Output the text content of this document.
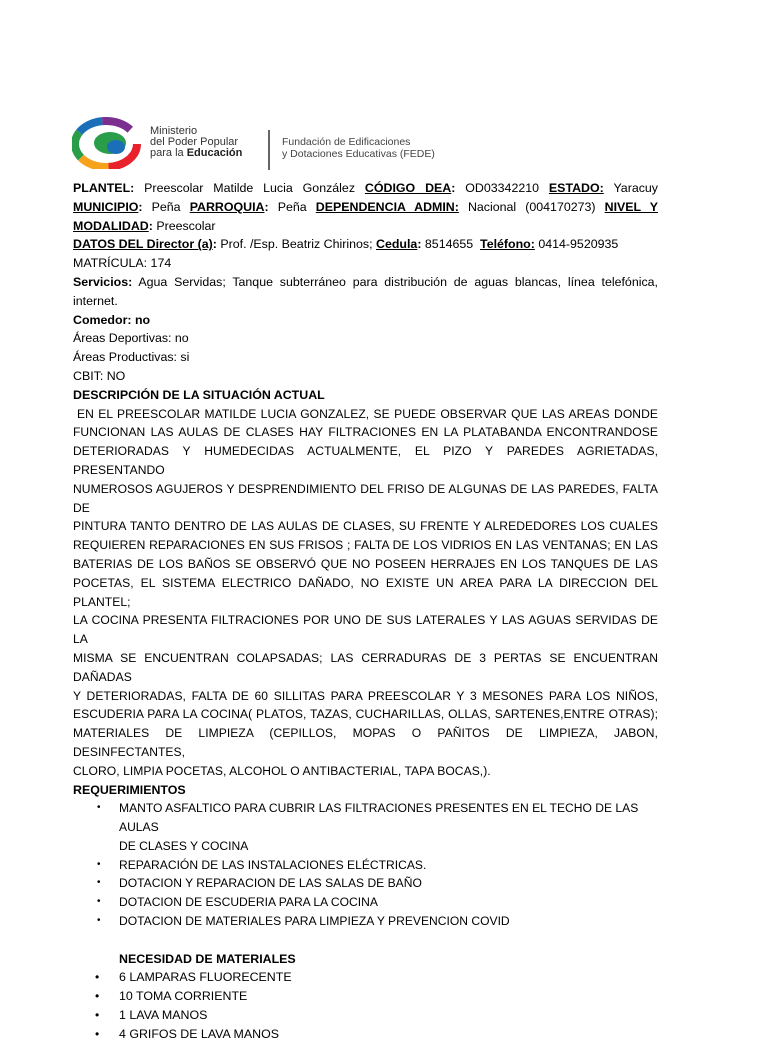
Ministerio
del Poder Popular
para la Educación
Fundación de Edificaciones
y Dotaciones Educativas (FEDE)

PLANTEL: Preescolar Matilde Lucia González CÓDIGO DEA: OD03342210 ESTADO: Yaracuy

MUNICIPIO: Peña PARROQUIA: Peña DEPENDENCIA ADMIN: Nacional (004170273) NIVEL Y

MODALIDAD: Preescolar

DATOS DEL Director (a): Prof. /Esp. Beatriz Chirinos; Cedula: 8514655 Teléfono: 0414-9520935

MATRÍCULA: 174

Servicios: Agua Servidas; Tanque subterráneo para distribución de aguas blancas, línea telefónica,

internet.

Comedor: no

Áreas Deportivas: no

Áreas Productivas: si

CBIT: NO

DESCRIPCIÓN DE LA SITUACIÓN ACTUAL

EN EL PREESCOLAR MATILDE LUCIA GONZALEZ, SE PUEDE OBSERVAR QUE LAS AREAS DONDE
FUNCIONAN LAS AULAS DE CLASES HAY FILTRACIONES EN LA PLATABANDA ENCONTRANDOSE
DETERIORADAS Y HUMEDECIDAS ACTUALMENTE, EL PIZO Y PAREDES AGRIETADAS, PRESENTANDO
NUMEROSOS AGUJEROS Y DESPRENDIMIENTO DEL FRISO DE ALGUNAS DE LAS PAREDES, FALTA DE
PINTURA TANTO DENTRO DE LAS AULAS DE CLASES, SU FRENTE Y ALREDEDORES LOS CUALES
REQUIEREN REPARACIONES EN SUS FRISOS ; FALTA DE LOS VIDRIOS EN LAS VENTANAS; EN LAS
BATERIAS DE LOS BAÑOS SE OBSERVÓ QUE NO POSEEN HERRAJES EN LOS TANQUES DE LAS
POCETAS, EL SISTEMA ELECTRICO DAÑADO, NO EXISTE UN AREA PARA LA DIRECCION DEL PLANTEL;
LA COCINA PRESENTA FILTRACIONES POR UNO DE SUS LATERALES Y LAS AGUAS SERVIDAS DE LA
MISMA SE ENCUENTRAN COLAPSADAS; LAS CERRADURAS DE 3 PERTAS SE ENCUENTRAN DAÑADAS
Y DETERIORADAS, FALTA DE 60 SILLITAS PARA PREESCOLAR Y 3 MESONES PARA LOS NIÑOS,
ESCUDERIA PARA LA COCINA( PLATOS, TAZAS, CUCHARILLAS, OLLAS, SARTENES,ENTRE OTRAS);
MATERIALES DE LIMPIEZA (CEPILLOS, MOPAS O PAÑITOS DE LIMPIEZA, JABON, DESINFECTANTES,
CLORO, LIMPIA POCETAS, ALCOHOL O ANTIBACTERIAL, TAPA BOCAS,).

REQUERIMIENTOS

• MANTO ASFALTICO PARA CUBRIR LAS FILTRACIONES PRESENTES EN EL TECHO DE LAS AULAS
DE CLASES Y COCINA
• REPARACIÓN DE LAS INSTALACIONES ELÉCTRICAS.
• DOTACION Y REPARACION DE LAS SALAS DE BAÑO
• DOTACION DE ESCUDERIA PARA LA COCINA
• DOTACION DE MATERIALES PARA LIMPIEZA Y PREVENCION COVID

NECESIDAD DE MATERIALES

• 6 LAMPARAS FLUORECENTE
• 10 TOMA CORRIENTE
• 1 LAVA MANOS
• 4 GRIFOS DE LAVA MANOS
